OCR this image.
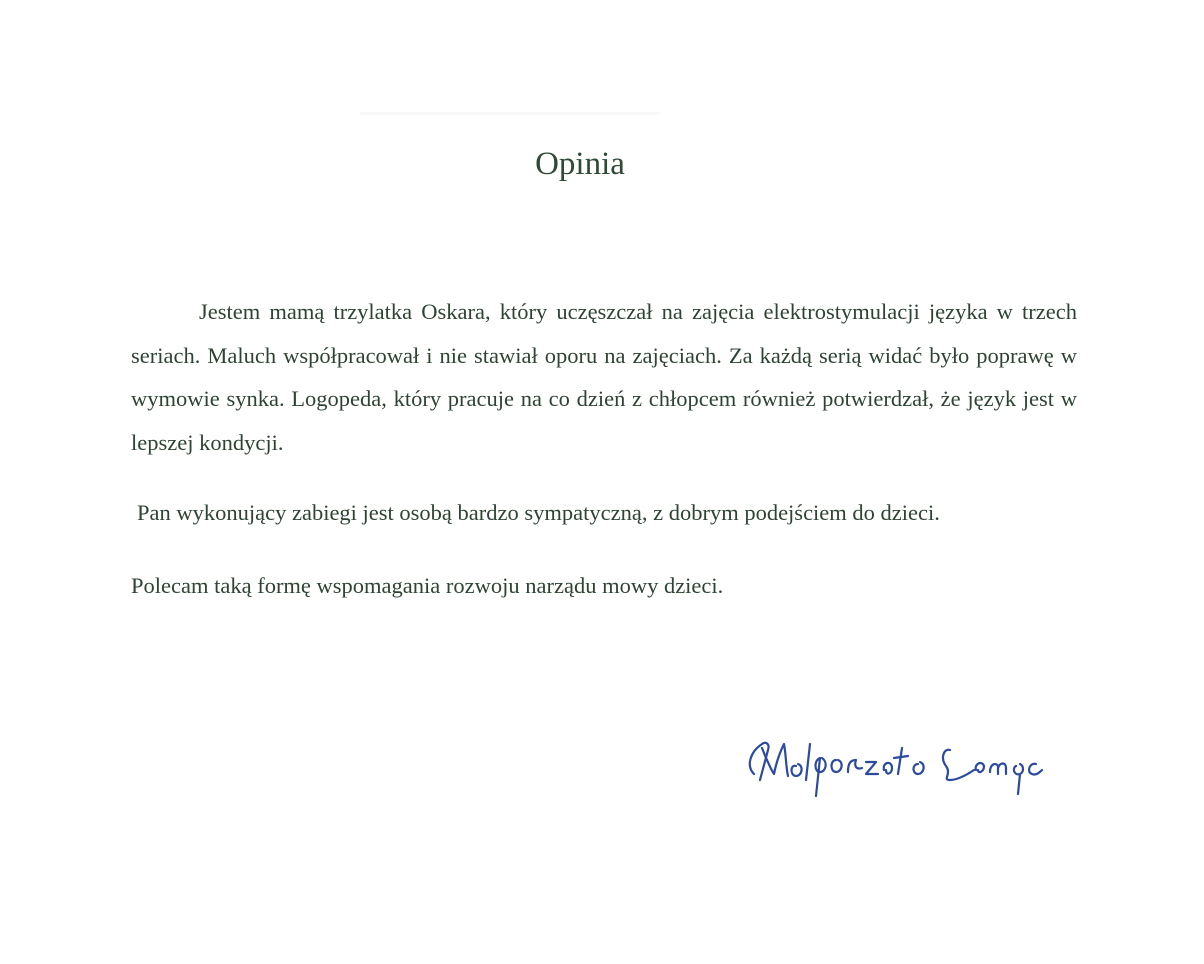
Opinia
Jestem mamą trzylatka Oskara, który uczęszczał na zajęcia elektrostymulacji języka w trzech seriach. Maluch współpracował i nie stawiał oporu na zajęciach. Za każdą serią widać było poprawę w wymowie synka. Logopeda, który pracuje na co dzień z chłopcem również potwierdzał, że język jest w lepszej kondycji.
Pan wykonujący zabiegi jest osobą bardzo sympatyczną, z dobrym podejściem do dzieci.
Polecam taką formę wspomagania rozwoju narządu mowy dzieci.
